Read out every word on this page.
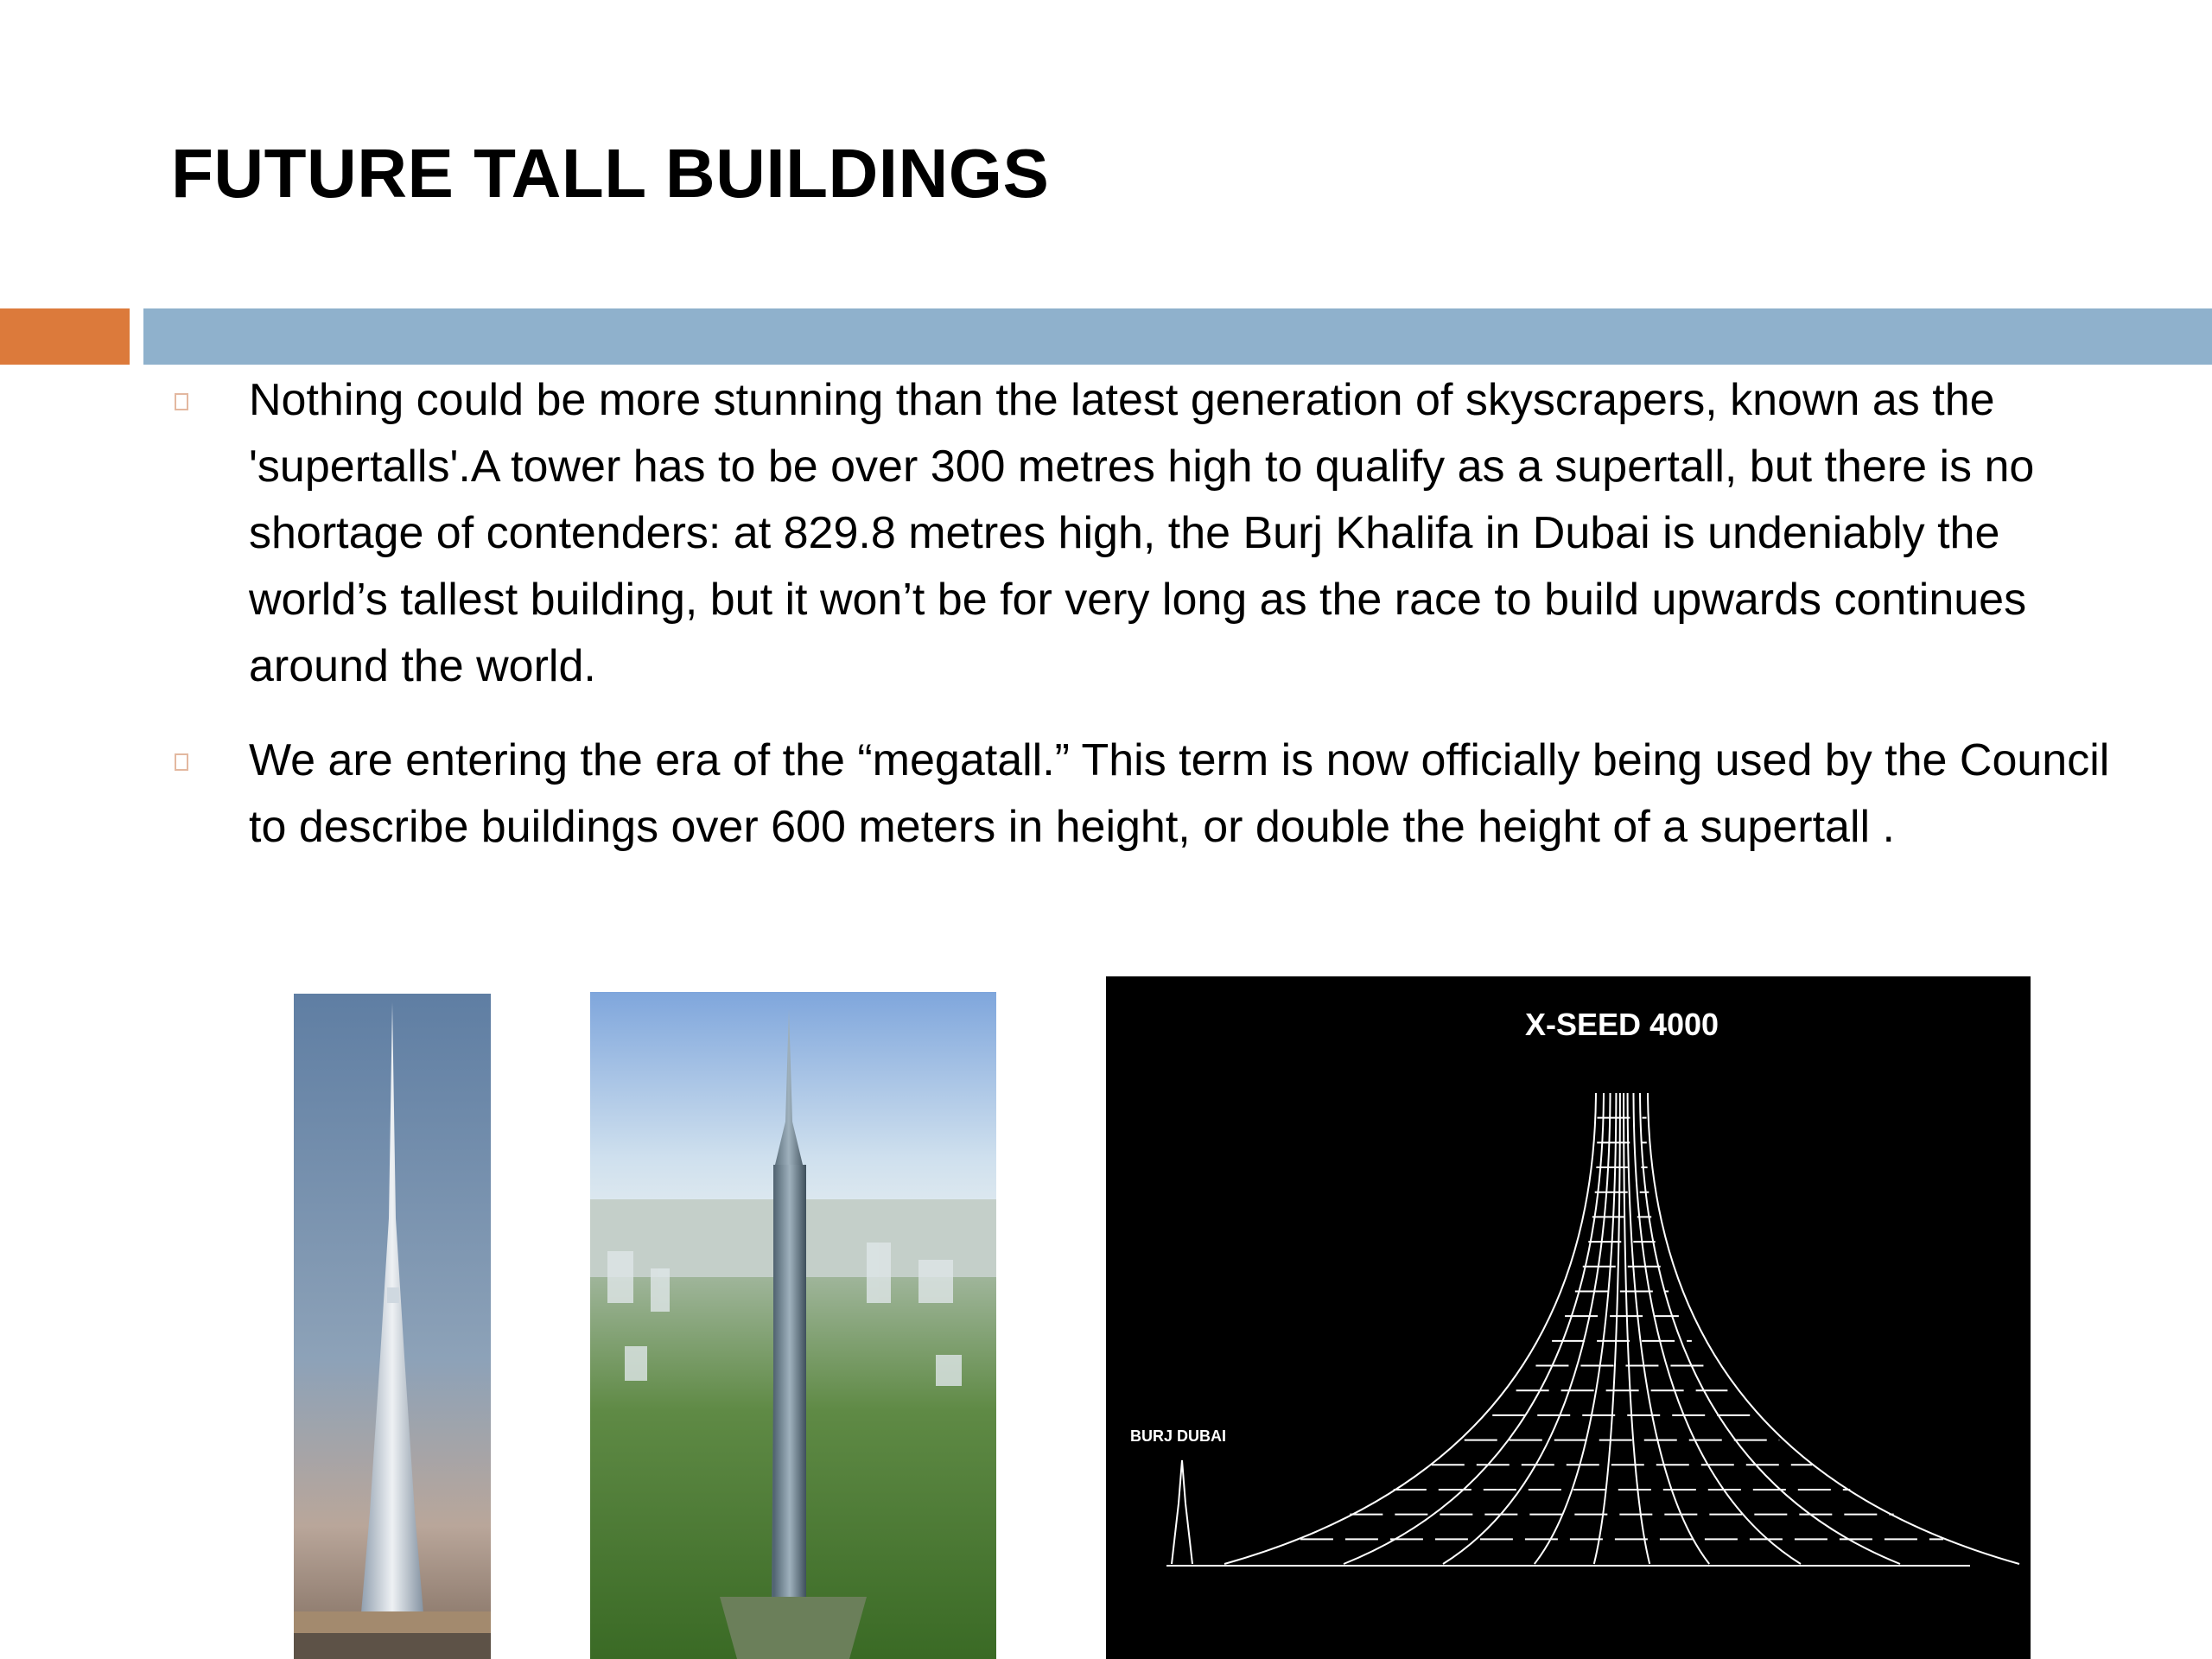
FUTURE TALL BUILDINGS

Nothing could be more stunning than the latest generation of skyscrapers, known as the 'supertalls'.A tower has to be over 300 metres high to qualify as a supertall, but there is no shortage of contenders: at 829.8 metres high, the Burj Khalifa in Dubai is undeniably the world’s tallest building, but it won’t be for very long as the race to build upwards continues around the world.

We are entering the era of the “megatall.” This term is now officially being used by the Council to describe buildings over 600 meters in height, or double the height of a supertall .

X-SEED 4000
BURJ DUBAI
